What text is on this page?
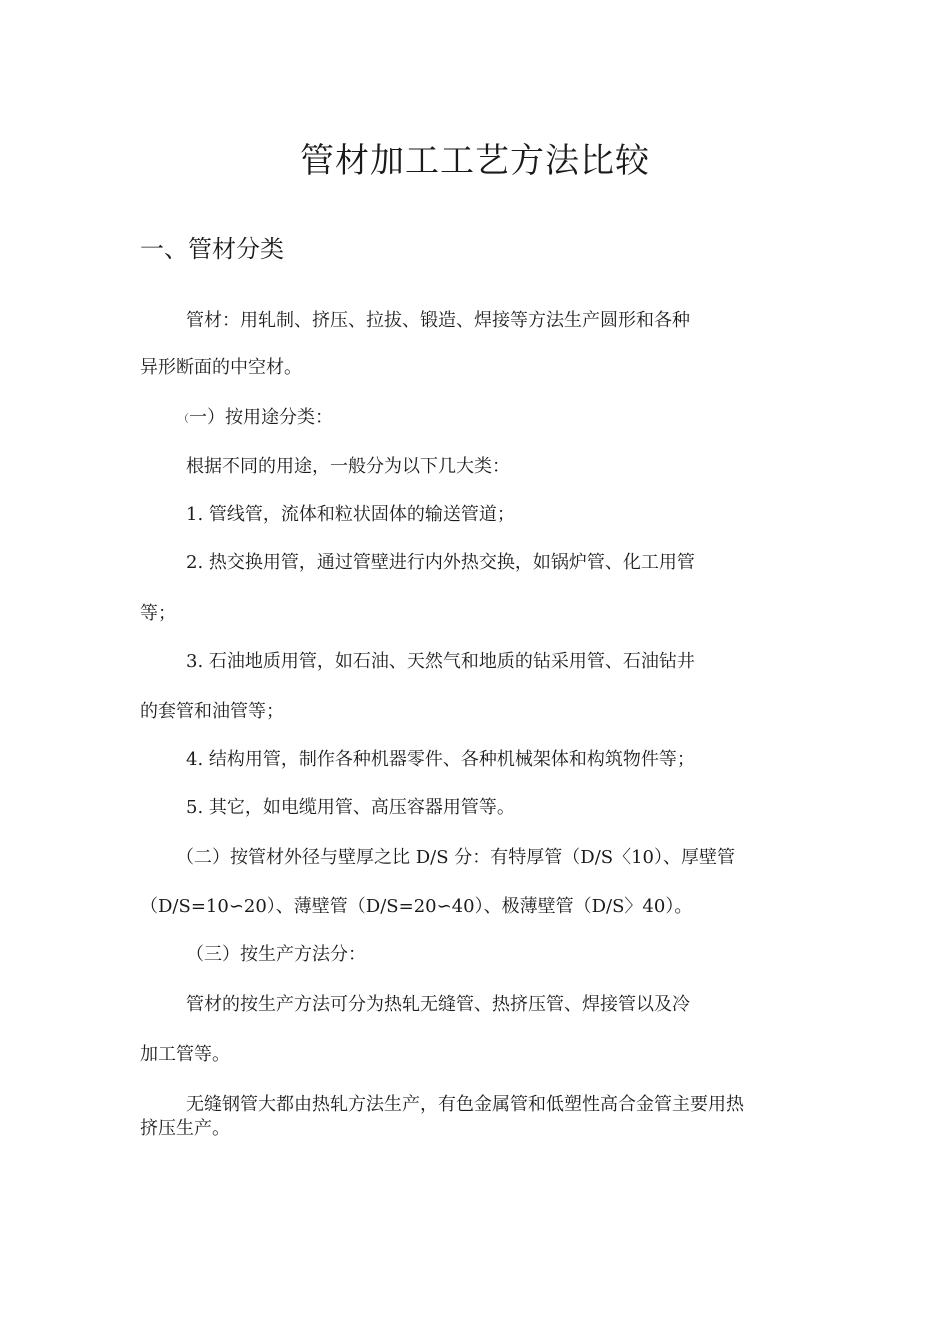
管材加工工艺方法比较
一、管材分类
管材：用轧制、挤压、拉拔、锻造、焊接等方法生产圆形和各种
异形断面的中空材。
（一）按用途分类：
根据不同的用途，一般分为以下几大类：
1. 管线管，流体和粒状固体的输送管道；
2. 热交换用管，通过管壁进行内外热交换，如锅炉管、化工用管
等；
3. 石油地质用管，如石油、天然气和地质的钻采用管、石油钻井
的套管和油管等；
4. 结构用管，制作各种机器零件、各种机械架体和构筑物件等；
5. 其它，如电缆用管、高压容器用管等。
（二）按管材外径与壁厚之比 D/S 分：有特厚管（D/S〈10）、厚壁管
（D/S=10∽20）、薄壁管（D/S=20∽40）、极薄壁管（D/S〉40）。
（三）按生产方法分：
管材的按生产方法可分为热轧无缝管、热挤压管、焊接管以及冷
加工管等。
无缝钢管大都由热轧方法生产，有色金属管和低塑性高合金管主要用热
挤压生产。
